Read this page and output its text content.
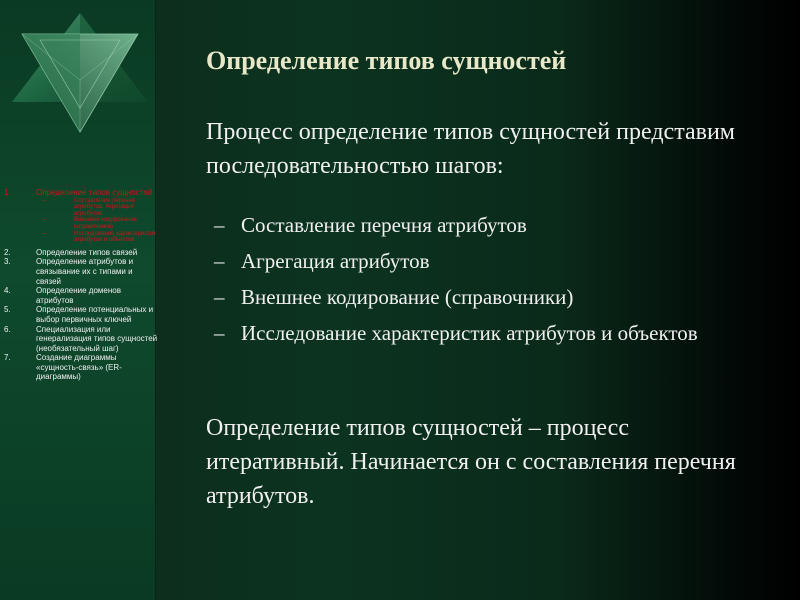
1.	Определение типов сущностей
–	Составление перечня атрибутов. Агрегация атрибутов
–	Внешнее кодирование (справочники)
–	Исследование характеристик атрибутов и объектов
2.	Определение типов связей
3.	Определение атрибутов и связывание их с типами и связей
4.	Определение доменов атрибутов
5.	Определение потенциальных и выбор первичных ключей
6.	Специализация или генерализация типов сущностей (необязательный шаг)
7.	Создание диаграммы «сущность-связь» (ER-диаграммы)
Определение типов сущностей
Процесс определение типов сущностей представим последовательностью шагов:
– Составление перечня атрибутов
– Агрегация атрибутов
– Внешнее кодирование (справочники)
– Исследование характеристик атрибутов и объектов
Определение типов сущностей – процесс итеративный. Начинается он с составления перечня атрибутов.
